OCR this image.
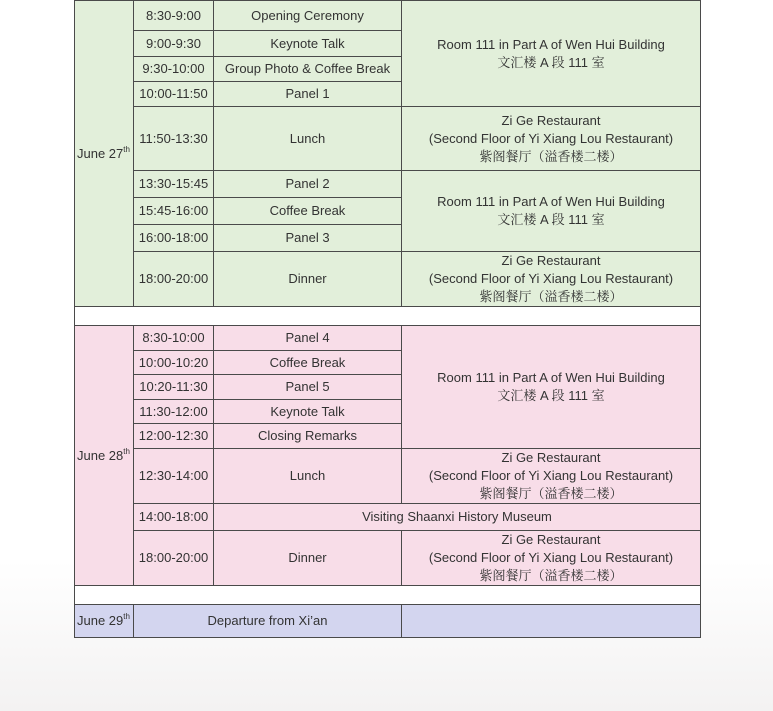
June 27th	8:30-9:00	Opening Ceremony	Room 111 in Part A of Wen Hui Building
文汇楼 A 段 111 室

	9:00-9:30	Keynote Talk	
	9:30-10:00	Group Photo & Coffee Break	
	10:00-11:50	Panel 1	
	11:50-13:30	Lunch	Zi Ge Restaurant
(Second Floor of Yi Xiang Lou Restaurant)
紫阁餐厅（溢香楼二楼）

	13:30-15:45	Panel 2	Room 111 in Part A of Wen Hui Building
文汇楼 A 段 111 室

	15:45-16:00	Coffee Break	
	16:00-18:00	Panel 3	
	18:00-20:00	Dinner	Zi Ge Restaurant
(Second Floor of Yi Xiang Lou Restaurant)
紫阁餐厅（溢香楼二楼）

June 28th	8:30-10:00	Panel 4	Room 111 in Part A of Wen Hui Building
文汇楼 A 段 111 室

	10:00-10:20	Coffee Break	
	10:20-11:30	Panel 5	
	11:30-12:00	Keynote Talk	
	12:00-12:30	Closing Remarks	
	12:30-14:00	Lunch	Zi Ge Restaurant
(Second Floor of Yi Xiang Lou Restaurant)
紫阁餐厅（溢香楼二楼）

	14:00-18:00	Visiting Shaanxi History Museum	
	18:00-20:00	Dinner	Zi Ge Restaurant
(Second Floor of Yi Xiang Lou Restaurant)
紫阁餐厅（溢香楼二楼）

June 29th	Departure from Xi’an		
